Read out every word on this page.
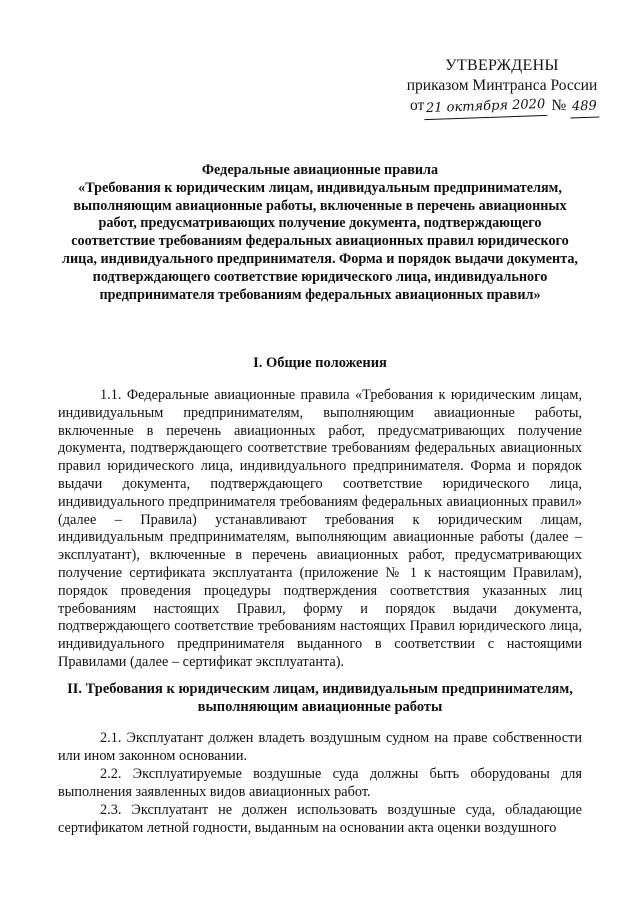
УТВЕРЖДЕНЫ
приказом Минтранса России
от 21 октября 2020 № 489
Федеральные авиационные правила
«Требования к юридическим лицам, индивидуальным предпринимателям, выполняющим авиационные работы, включенные в перечень авиационных работ, предусматривающих получение документа, подтверждающего соответствие требованиям федеральных авиационных правил юридического лица, индивидуального предпринимателя. Форма и порядок выдачи документа, подтверждающего соответствие юридического лица, индивидуального предпринимателя требованиям федеральных авиационных правил»
I. Общие положения
1.1. Федеральные авиационные правила «Требования к юридическим лицам, индивидуальным предпринимателям, выполняющим авиационные работы, включенные в перечень авиационных работ, предусматривающих получение документа, подтверждающего соответствие требованиям федеральных авиационных правил юридического лица, индивидуального предпринимателя. Форма и порядок выдачи документа, подтверждающего соответствие юридического лица, индивидуального предпринимателя требованиям федеральных авиационных правил» (далее – Правила) устанавливают требования к юридическим лицам, индивидуальным предпринимателям, выполняющим авиационные работы (далее – эксплуатант), включенные в перечень авиационных работ, предусматривающих получение сертификата эксплуатанта (приложение № 1 к настоящим Правилам), порядок проведения процедуры подтверждения соответствия указанных лиц требованиям настоящих Правил, форму и порядок выдачи документа, подтверждающего соответствие требованиям настоящих Правил юридического лица, индивидуального предпринимателя выданного в соответствии с настоящими Правилами (далее – сертификат эксплуатанта).
II. Требования к юридическим лицам, индивидуальным предпринимателям, выполняющим авиационные работы
2.1. Эксплуатант должен владеть воздушным судном на праве собственности или ином законном основании.
2.2. Эксплуатируемые воздушные суда должны быть оборудованы для выполнения заявленных видов авиационных работ.
2.3. Эксплуатант не должен использовать воздушные суда, обладающие сертификатом летной годности, выданным на основании акта оценки воздушного
